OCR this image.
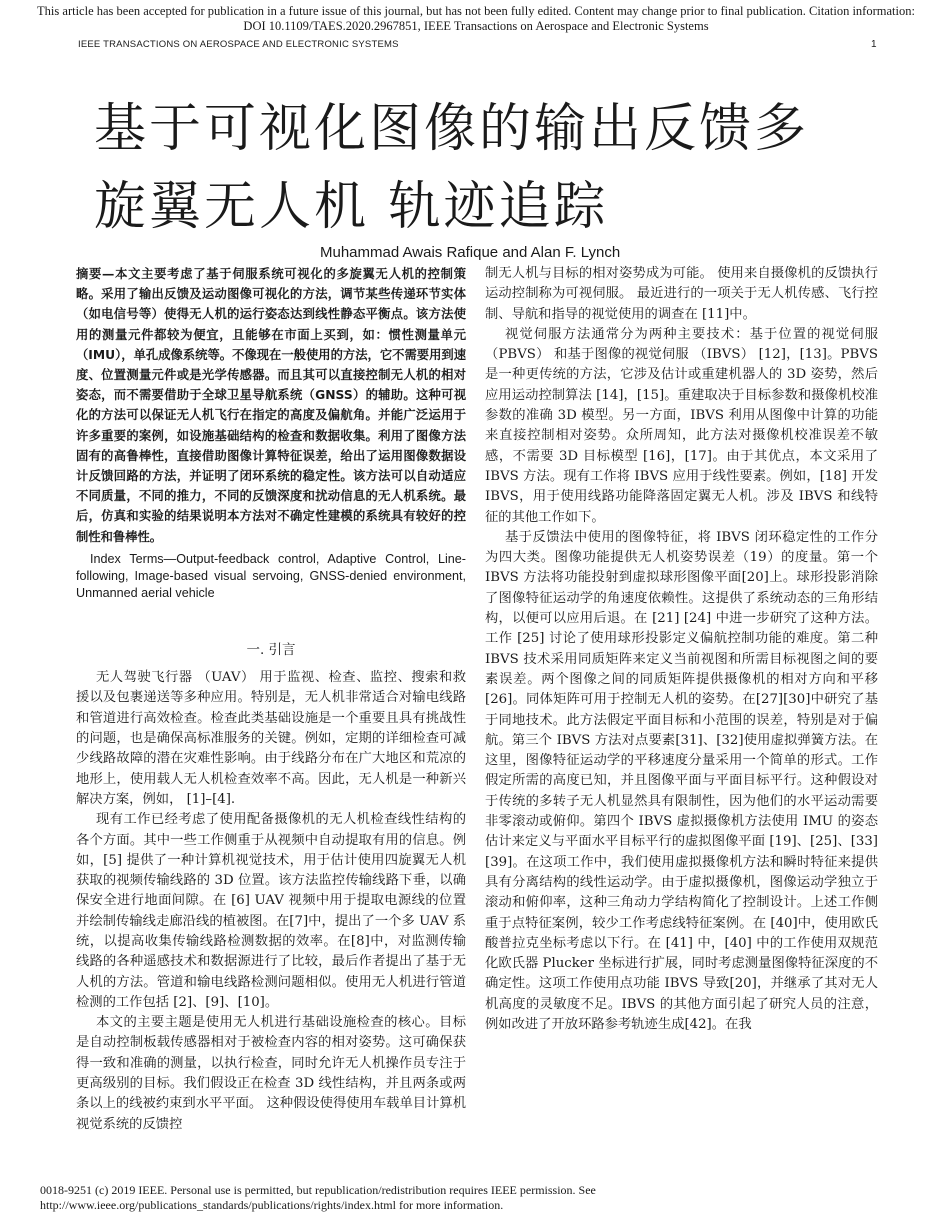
This article has been accepted for publication in a future issue of this journal, but has not been fully edited. Content may change prior to final publication. Citation information:
DOI 10.1109/TAES.2020.2967851, IEEE Transactions on Aerospace and Electronic Systems
IEEE TRANSACTIONS ON AEROSPACE AND ELECTRONIC SYSTEMS	1
基于可视化图像的输出反馈多
旋翼无人机 轨迹追踪
Muhammad Awais Rafique and Alan F. Lynch

摘要—本文主要考虑了基于伺服系统可视化的多旋翼无人机的控制策略。采用了输出反馈及运动图像可视化的方法，调节某些传递环节实体（如电信号等）使得无人机的运行姿态达到线性静态平衡点。该方法使用的测量元件都较为便宜，且能够在市面上买到，如：惯性测量单元（IMU），单孔成像系统等。不像现在一般使用的方法，它不需要用到速度、位置测量元件或是光学传感器。而且其可以直接控制无人机的相对姿态，而不需要借助于全球卫星导航系统（GNSS）的辅助。这种可视化的方法可以保证无人机飞行在指定的高度及偏航角。并能广泛运用于许多重要的案例，如设施基础结构的检查和数据收集。利用了图像方法固有的高鲁棒性，直接借助图像计算特征误差，给出了运用图像数据设计反馈回路的方法，并证明了闭环系统的稳定性。该方法可以自动适应不同质量，不同的推力，不同的反馈深度和扰动信息的无人机系统。最后，仿真和实验的结果说明本方法对不确定性建模的系统具有较好的控制性和鲁棒性。

Index Terms—Output-feedback control, Adaptive Control, Line-following, Image-based visual servoing, GNSS-denied environment, Unmanned aerial vehicle

一. 引言

无人驾驶飞行器 （UAV） 用于监视、检查、监控、搜索和救援以及包裹递送等多种应用。特别是，无人机非常适合对输电线路和管道进行高效检查。检查此类基础设施是一个重要且具有挑战性的问题，也是确保高标准服务的关键。例如，定期的详细检查可减少线路故障的潜在灾难性影响。由于线路分布在广大地区和荒凉的地形上，使用载人无人机检查效率不高。因此，无人机是一种新兴解决方案，例如， [1]–[4].

现有工作已经考虑了使用配备摄像机的无人机检查线性结构的各个方面。其中一些工作侧重于从视频中自动提取有用的信息。例如，[5] 提供了一种计算机视觉技术，用于估计使用四旋翼无人机获取的视频传输线路的 3D 位置。该方法监控传输线路下垂，以确保安全进行地面间隙。在 [6] UAV 视频中用于提取电源线的位置并绘制传输线走廊沿线的植被图。在[7]中，提出了一个多 UAV 系统，以提高收集传输线路检测数据的效率。在[8]中，对监测传输线路的各种遥感技术和数据源进行了比较，最后作者提出了基于无人机的方法。管道和输电线路检测问题相似。使用无人机进行管道检测的工作包括 [2]、[9]、[10]。

本文的主要主题是使用无人机进行基础设施检查的核心。目标是自动控制板载传感器相对于被检查内容的相对姿势。这可确保获得一致和准确的测量，以执行检查，同时允许无人机操作员专注于更高级别的目标。我们假设正在检查 3D 线性结构，并且两条或两条以上的线被约束到水平平面。 这种假设使得使用车载单目计算机视觉系统的反馈控

制无人机与目标的相对姿势成为可能。 使用来自摄像机的反馈执行运动控制称为可视伺服。 最近进行的一项关于无人机传感、飞行控制、导航和指导的视觉使用的调查在 [11]中。

视觉伺服方法通常分为两种主要技术：基于位置的视觉伺服 （PBVS） 和基于图像的视觉伺服 （IBVS） [12]，[13]。PBVS 是一种更传统的方法，它涉及估计或重建机器人的 3D 姿势，然后应用运动控制算法 [14]，[15]。重建取决于目标参数和摄像机校准参数的准确 3D 模型。另一方面，IBVS 利用从图像中计算的功能来直接控制相对姿势。众所周知，此方法对摄像机校准误差不敏感，不需要 3D 目标模型 [16]，[17]。由于其优点，本文采用了 IBVS 方法。现有工作将 IBVS 应用于线性要素。例如，[18] 开发 IBVS，用于使用线路功能降落固定翼无人机。涉及 IBVS 和线特征的其他工作如下。

基于反馈法中使用的图像特征，将 IBVS 闭环稳定性的工作分为四大类。图像功能提供无人机姿势误差（19）的度量。第一个 IBVS 方法将功能投射到虚拟球形图像平面[20]上。球形投影消除了图像特征运动学的角速度依赖性。这提供了系统动态的三角形结构，以便可以应用后退。在 [21] [24] 中进一步研究了这种方法。工作 [25] 讨论了使用球形投影定义偏航控制功能的难度。第二种 IBVS 技术采用同质矩阵来定义当前视图和所需目标视图之间的要素误差。两个图像之间的同质矩阵提供摄像机的相对方向和平移 [26]。同体矩阵可用于控制无人机的姿势。在[27][30]中研究了基于同地技术。此方法假定平面目标和小范围的误差，特别是对于偏航。第三个 IBVS 方法对点要素[31]、[32]使用虚拟弹簧方法。在这里，图像特征运动学的平移速度分量采用一个简单的形式。工作假定所需的高度已知，并且图像平面与平面目标平行。这种假设对于传统的多转子无人机显然具有限制性，因为他们的水平运动需要非零滚动或俯仰。第四个 IBVS 虚拟摄像机方法使用 IMU 的姿态估计来定义与平面水平目标平行的虚拟图像平面 [19]、[25]、[33][39]。在这项工作中，我们使用虚拟摄像机方法和瞬时特征来提供具有分离结构的线性运动学。由于虚拟摄像机，图像运动学独立于滚动和俯仰率，这种三角动力学结构简化了控制设计。上述工作侧重于点特征案例，较少工作考虑线特征案例。在 [40]中，使用欧氏酸普拉克坐标考虑以下行。在 [41] 中，[40] 中的工作使用双规范化欧氏器 Plucker 坐标进行扩展，同时考虑测量图像特征深度的不确定性。这项工作使用点功能 IBVS 导致[20]，并继承了其对无人机高度的灵敏度不足。IBVS 的其他方面引起了研究人员的注意，例如改进了开放环路参考轨迹生成[42]。在我

0018-9251 (c) 2019 IEEE. Personal use is permitted, but republication/redistribution requires IEEE permission. See
http://www.ieee.org/publications_standards/publications/rights/index.html for more information.
